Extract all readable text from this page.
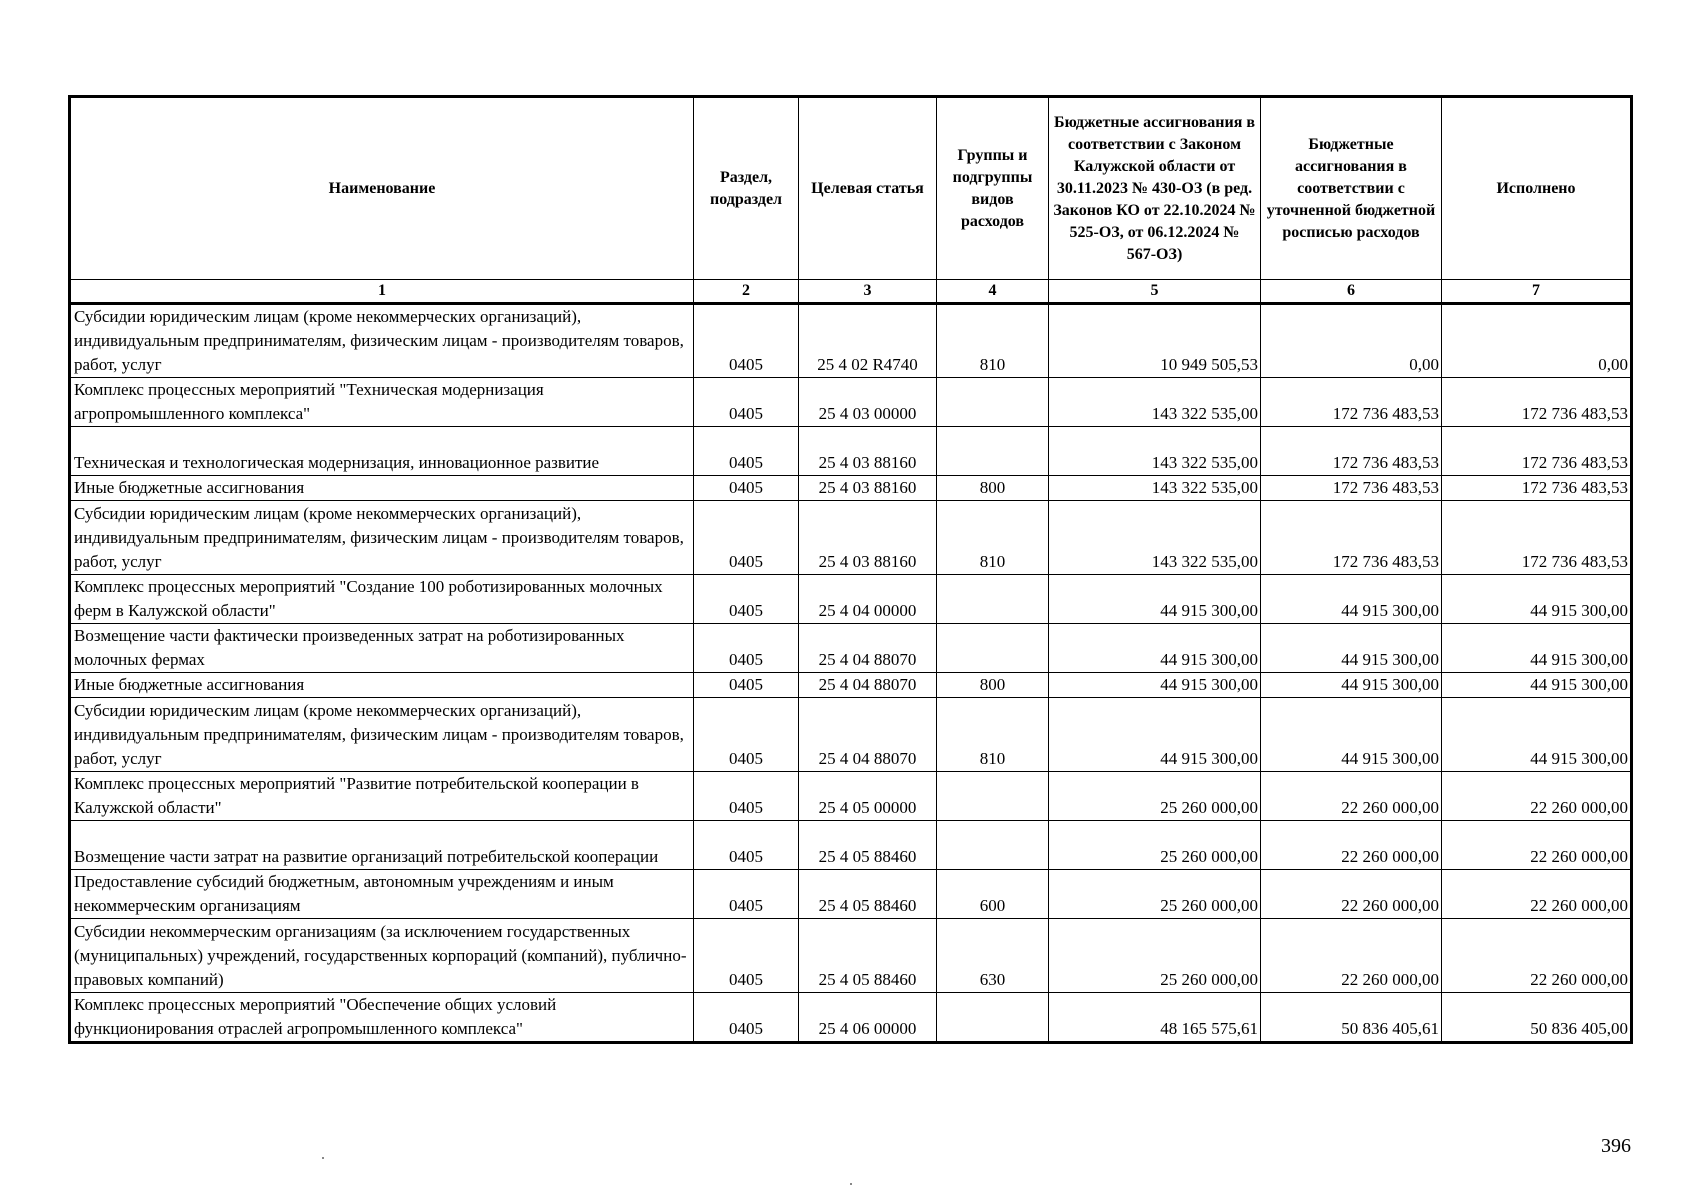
Наименование	Раздел, подраздел	Целевая статья	Группы и подгруппы видов расходов	Бюджетные ассигнования в соответствии с Законом Калужской области от 30.11.2023 № 430-ОЗ (в ред. Законов КО от 22.10.2024 № 525-ОЗ, от 06.12.2024 № 567-ОЗ)	Бюджетные ассигнования в соответствии с уточненной бюджетной росписью расходов	Исполнено
1	2	3	4	5	6	7
Субсидии юридическим лицам (кроме некоммерческих организаций), индивидуальным предпринимателям, физическим лицам - производителям товаров, работ, услуг	0405	25 4 02 R4740	810	10 949 505,53	0,00	0,00
Комплекс процессных мероприятий "Техническая модернизация агропромышленного комплекса"	0405	25 4 03 00000		143 322 535,00	172 736 483,53	172 736 483,53
Техническая и технологическая модернизация, инновационное развитие	0405	25 4 03 88160		143 322 535,00	172 736 483,53	172 736 483,53
Иные бюджетные ассигнования	0405	25 4 03 88160	800	143 322 535,00	172 736 483,53	172 736 483,53
Субсидии юридическим лицам (кроме некоммерческих организаций), индивидуальным предпринимателям, физическим лицам - производителям товаров, работ, услуг	0405	25 4 03 88160	810	143 322 535,00	172 736 483,53	172 736 483,53
Комплекс процессных мероприятий "Создание 100 роботизированных молочных ферм в Калужской области"	0405	25 4 04 00000		44 915 300,00	44 915 300,00	44 915 300,00
Возмещение части фактически произведенных затрат на роботизированных молочных фермах	0405	25 4 04 88070		44 915 300,00	44 915 300,00	44 915 300,00
Иные бюджетные ассигнования	0405	25 4 04 88070	800	44 915 300,00	44 915 300,00	44 915 300,00
Субсидии юридическим лицам (кроме некоммерческих организаций), индивидуальным предпринимателям, физическим лицам - производителям товаров, работ, услуг	0405	25 4 04 88070	810	44 915 300,00	44 915 300,00	44 915 300,00
Комплекс процессных мероприятий "Развитие потребительской кооперации в Калужской области"	0405	25 4 05 00000		25 260 000,00	22 260 000,00	22 260 000,00
Возмещение части затрат на развитие организаций потребительской кооперации	0405	25 4 05 88460		25 260 000,00	22 260 000,00	22 260 000,00
Предоставление субсидий бюджетным, автономным учреждениям и иным некоммерческим организациям	0405	25 4 05 88460	600	25 260 000,00	22 260 000,00	22 260 000,00
Субсидии некоммерческим организациям (за исключением государственных (муниципальных) учреждений, государственных корпораций (компаний), публично-правовых компаний)	0405	25 4 05 88460	630	25 260 000,00	22 260 000,00	22 260 000,00
Комплекс процессных мероприятий "Обеспечение общих условий функционирования отраслей агропромышленного комплекса"	0405	25 4 06 00000		48 165 575,61	50 836 405,61	50 836 405,00
396
